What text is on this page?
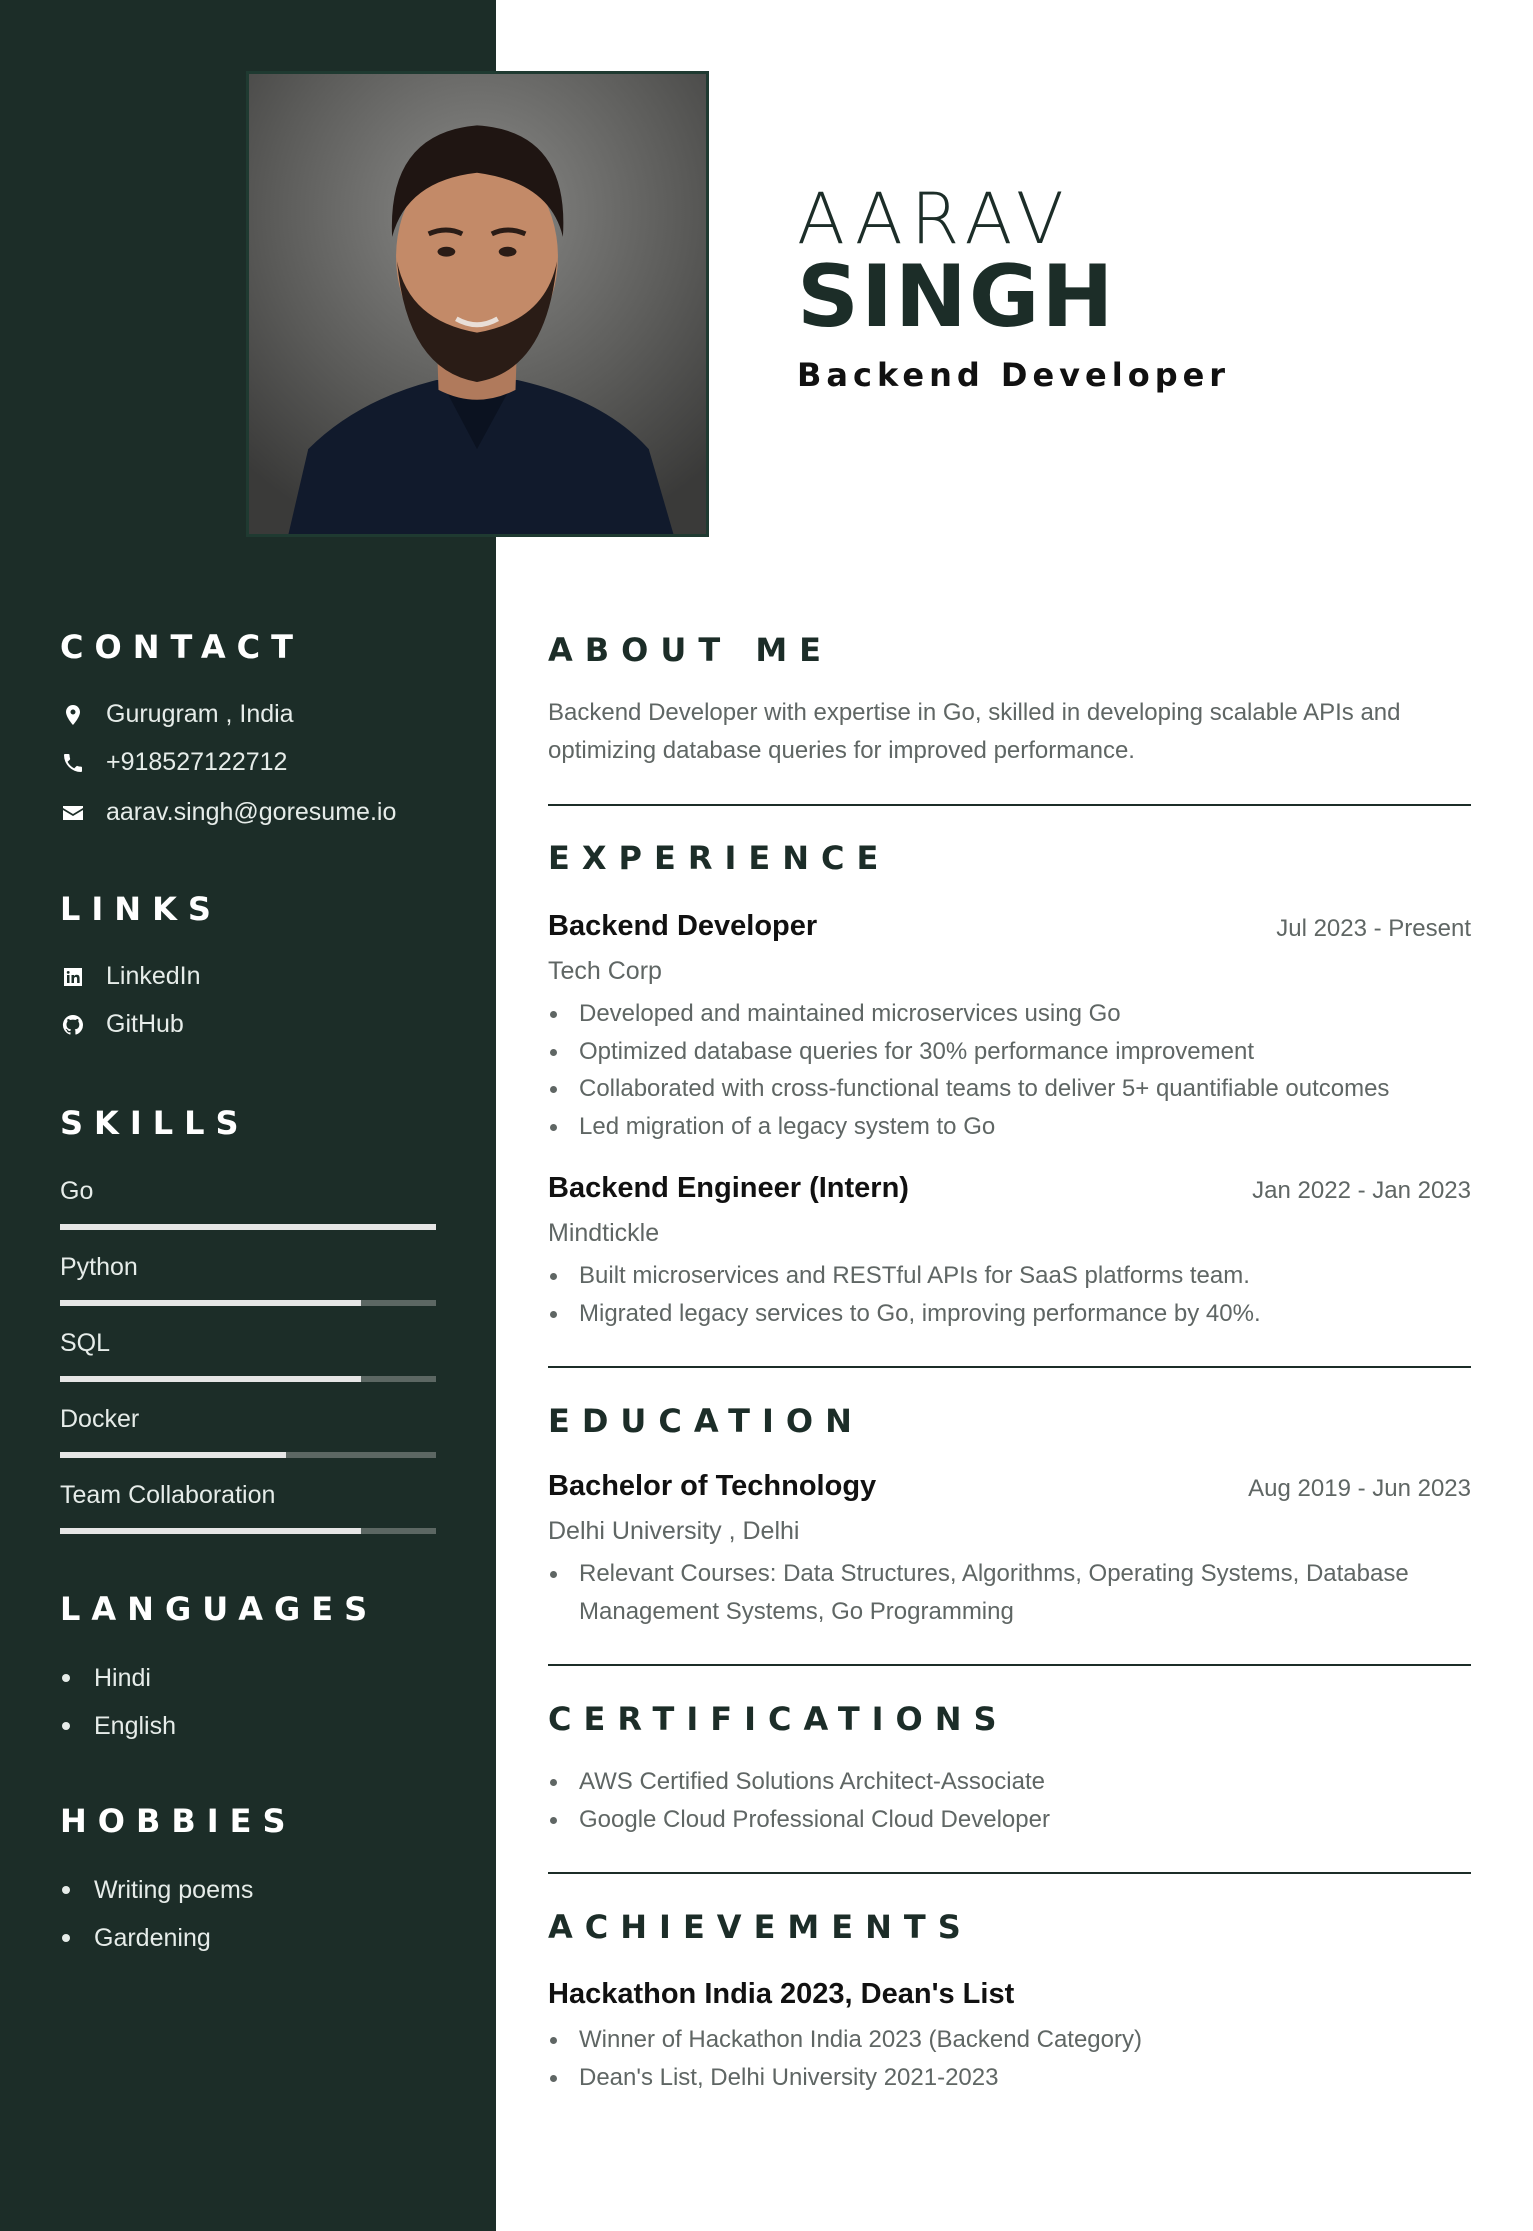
AARAV
SINGH
Backend Developer
CONTACT
Gurugram , India
+918527122712
aarav.singh@goresume.io
LINKS
LinkedIn
GitHub
SKILLS
Go
Python
SQL
Docker
Team Collaboration
LANGUAGES
Hindi
English
HOBBIES
Writing poems
Gardening
ABOUT ME
Backend Developer with expertise in Go, skilled in developing scalable APIs and optimizing database queries for improved performance.
EXPERIENCE
Backend Developer	Jul 2023 - Present
Tech Corp
Developed and maintained microservices using Go
Optimized database queries for 30% performance improvement
Collaborated with cross-functional teams to deliver 5+ quantifiable outcomes
Led migration of a legacy system to Go
Backend Engineer (Intern)	Jan 2022 - Jan 2023
Mindtickle
Built microservices and RESTful APIs for SaaS platforms team.
Migrated legacy services to Go, improving performance by 40%.
EDUCATION
Bachelor of Technology	Aug 2019 - Jun 2023
Delhi University , Delhi
Relevant Courses: Data Structures, Algorithms, Operating Systems, Database Management Systems, Go Programming
CERTIFICATIONS
AWS Certified Solutions Architect-Associate
Google Cloud Professional Cloud Developer
ACHIEVEMENTS
Hackathon India 2023, Dean's List
Winner of Hackathon India 2023 (Backend Category)
Dean's List, Delhi University 2021-2023
